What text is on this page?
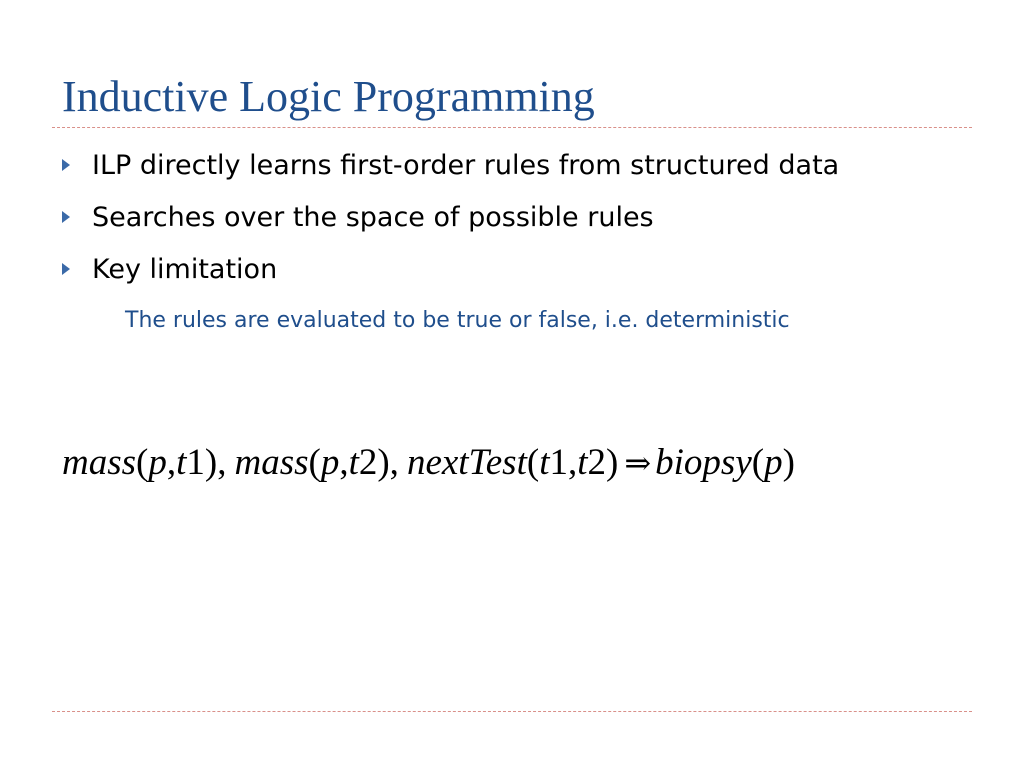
Inductive Logic Programming
ILP directly learns first-order rules from structured data
Searches over the space of possible rules
Key limitation

The rules are evaluated to be true or false, i.e. deterministic

mass(p,t1), mass(p,t2), nextTest(t1,t2) ⇒ biopsy(p)
